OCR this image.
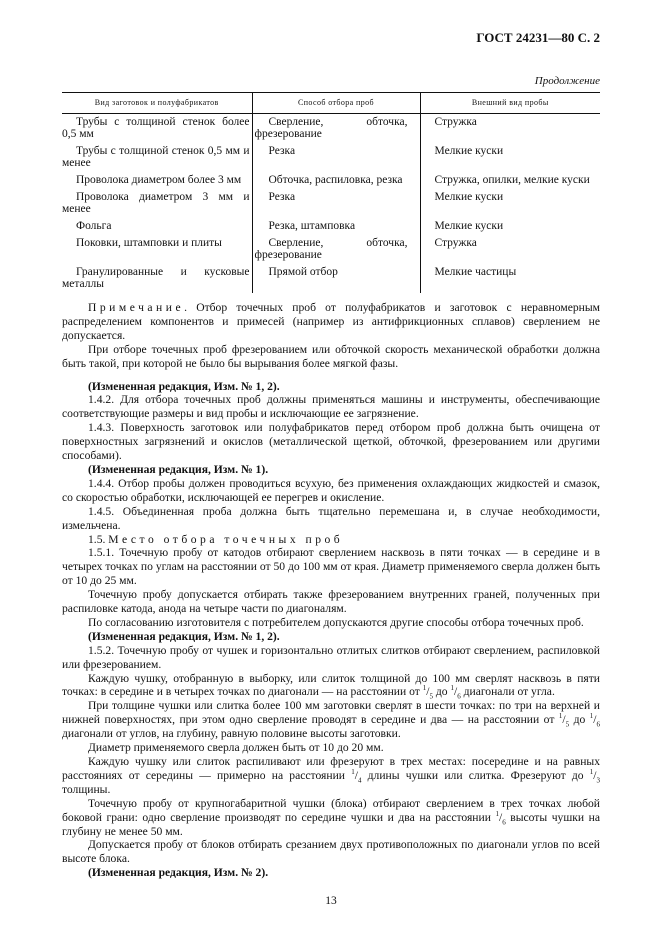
ГОСТ 24231—80 С. 2
Продолжение
Вид заготовок и полуфабрикатов	Способ отбора проб	Внешний вид пробы
Трубы с толщиной стенок более 0,5 мм	Сверление, обточка, фрезерование	Стружка
Трубы с толщиной стенок 0,5 мм и менее	Резка	Мелкие куски
Проволока диаметром более 3 мм	Обточка, распиловка, резка	Стружка, опилки, мелкие куски
Проволока диаметром 3 мм и менее	Резка	Мелкие куски
Фольга	Резка, штамповка	Мелкие куски
Поковки, штамповки и плиты	Сверление, обточка, фрезерование	Стружка
Гранулированные и кусковые металлы	Прямой отбор	Мелкие частицы

Примечание. Отбор точечных проб от полуфабрикатов и заготовок с неравномерным распределением компонентов и примесей (например из антифрикционных сплавов) сверлением не допускается.

При отборе точечных проб фрезерованием или обточкой скорость механической обработки должна быть такой, при которой не было бы вырывания более мягкой фазы.

(Измененная редакция, Изм. № 1, 2).

1.4.2. Для отбора точечных проб должны применяться машины и инструменты, обеспечивающие соответствующие размеры и вид пробы и исключающие ее загрязнение.

1.4.3. Поверхность заготовок или полуфабрикатов перед отбором проб должна быть очищена от поверхностных загрязнений и окислов (металлической щеткой, обточкой, фрезерованием или другими способами).

(Измененная редакция, Изм. № 1).

1.4.4. Отбор пробы должен проводиться всухую, без применения охлаждающих жидкостей и смазок, со скоростью обработки, исключающей ее перегрев и окисление.

1.4.5. Объединенная проба должна быть тщательно перемешана и, в случае необходимости, измельчена.

1.5. Место отбора точечных проб

1.5.1. Точечную пробу от катодов отбирают сверлением насквозь в пяти точках — в середине и в четырех точках по углам на расстоянии от 50 до 100 мм от края. Диаметр применяемого сверла должен быть от 10 до 25 мм.

Точечную пробу допускается отбирать также фрезерованием внутренних граней, полученных при распиловке катода, анода на четыре части по диагоналям.

По согласованию изготовителя с потребителем допускаются другие способы отбора точечных проб.

(Измененная редакция, Изм. № 1, 2).

1.5.2. Точечную пробу от чушек и горизонтально отлитых слитков отбирают сверлением, распиловкой или фрезерованием.

Каждую чушку, отобранную в выборку, или слиток толщиной до 100 мм сверлят насквозь в пяти точках: в середине и в четырех точках по диагонали — на расстоянии от $^1/_5$ до $^1/_6$ диагонали от угла.

При толщине чушки или слитка более 100 мм заготовки сверлят в шести точках: по три на верхней и нижней поверхностях, при этом одно сверление проводят в середине и два — на расстоянии от $^1/_5$ до $^1/_6$ диагонали от углов, на глубину, равную половине высоты заготовки.

Диаметр применяемого сверла должен быть от 10 до 20 мм.

Каждую чушку или слиток распиливают или фрезеруют в трех местах: посередине и на равных расстояниях от середины — примерно на расстоянии $^1/_4$ длины чушки или слитка. Фрезеруют до $^1/_3$ толщины.

Точечную пробу от крупногабаритной чушки (блока) отбирают сверлением в трех точках любой боковой грани: одно сверление производят по середине чушки и два на расстоянии $^1/_6$ высоты чушки на глубину не менее 50 мм.

Допускается пробу от блоков отбирать срезанием двух противоположных по диагонали углов по всей высоте блока.

(Измененная редакция, Изм. № 2).

13
